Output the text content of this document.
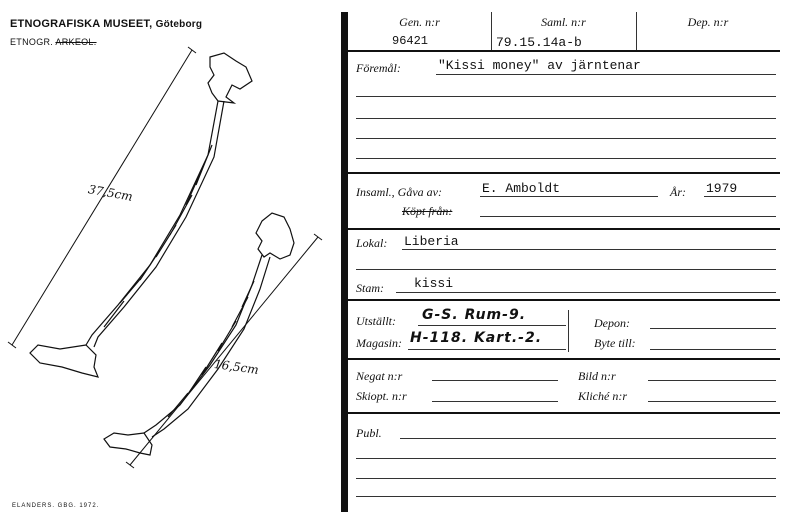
ETNOGRAFISKA MUSEET, Göteborg
ETNOGR. ARKEOL.
37,5cm
16,5cm
ELANDERS. GBG. 1972.
Gen. n:r
96421
Saml. n:r
79.15.14a-b
Dep. n:r
Föremål:	"Kissi money" av järntenar
Insaml., Gåva av:	E. Amboldt	År: 1979
Köpt från:
Lokal: Liberia
Stam: kissi
Utställt: G-S. Rum-9.
Magasin: H-118. Kart.-2.
Depon:
Byte till:
Negat n:r	Bild n:r
Skiopt. n:r	Kliché n:r
Publ.
